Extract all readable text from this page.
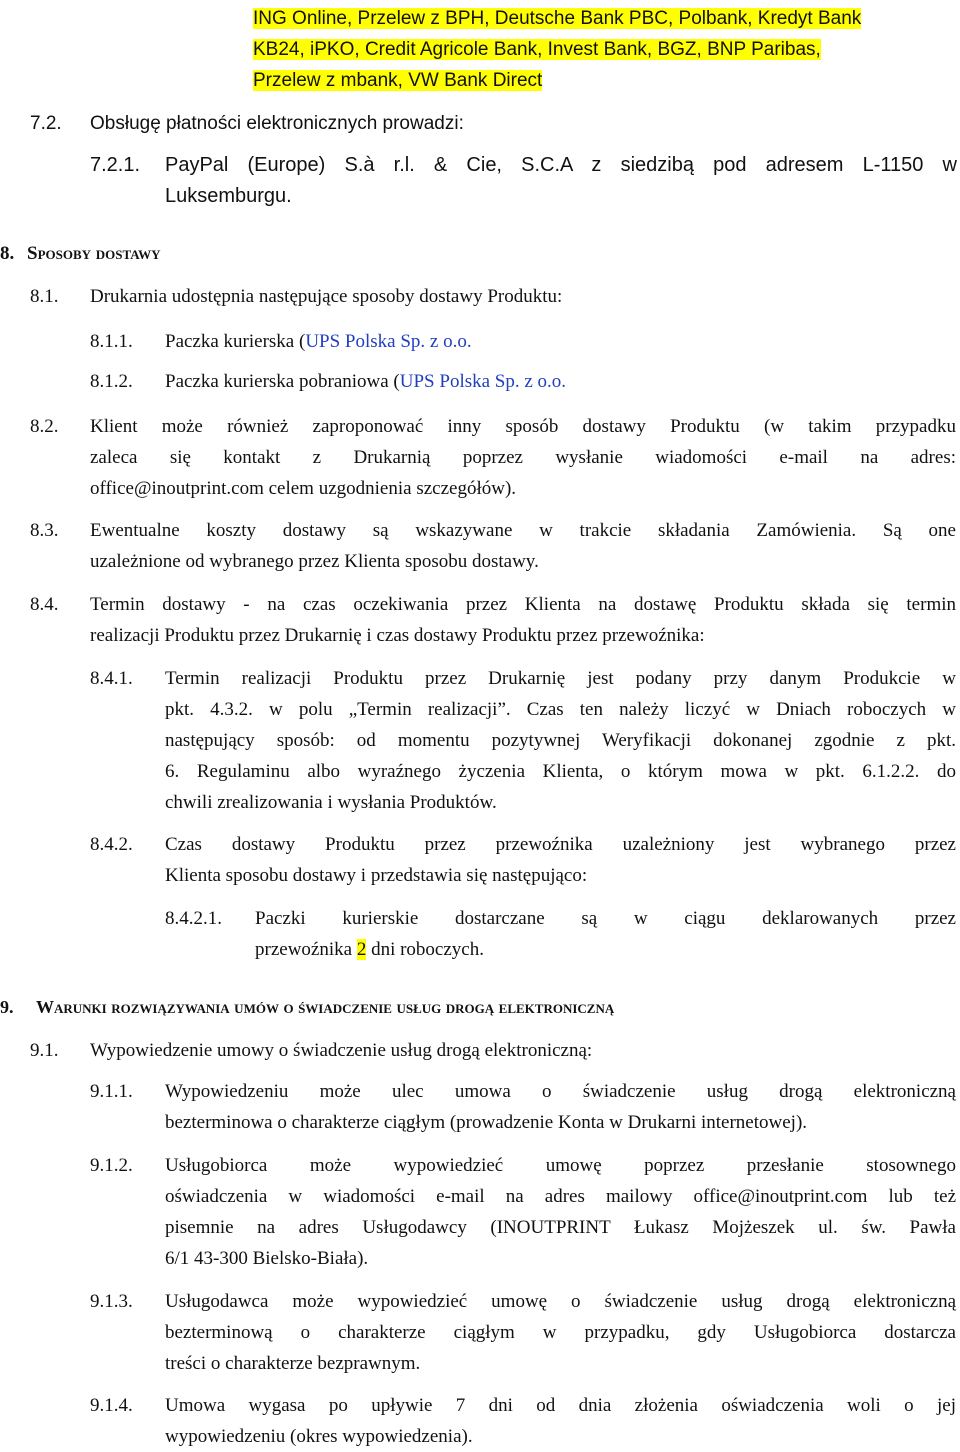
ING Online, Przelew z BPH, Deutsche Bank PBC, Polbank, Kredyt Bank
KB24, iPKO, Credit Agricole Bank, Invest Bank, BGZ, BNP Paribas,
Przelew z mbank, VW Bank Direct
7.2. Obsługę płatności elektronicznych prowadzi:
7.2.1. PayPal (Europe) S.à r.l. & Cie, S.C.A z siedzibą pod adresem L-1150 w
Luksemburgu.
8. Sposoby dostawy
8.1. Drukarnia udostępnia następujące sposoby dostawy Produktu:
8.1.1. Paczka kurierska (UPS Polska Sp. z o.o.
8.1.2. Paczka kurierska pobraniowa (UPS Polska Sp. z o.o.
8.2. Klient może również zaproponować inny sposób dostawy Produktu (w takim przypadku
zaleca się kontakt z Drukarnią poprzez wysłanie wiadomości e-mail na adres:
office@inoutprint.com celem uzgodnienia szczegółów).
8.3. Ewentualne koszty dostawy są wskazywane w trakcie składania Zamówienia. Są one
uzależnione od wybranego przez Klienta sposobu dostawy.
8.4. Termin dostawy - na czas oczekiwania przez Klienta na dostawę Produktu składa się termin
realizacji Produktu przez Drukarnię i czas dostawy Produktu przez przewoźnika:
8.4.1. Termin realizacji Produktu przez Drukarnię jest podany przy danym Produkcie w
pkt. 4.3.2. w polu „Termin realizacji”. Czas ten należy liczyć w Dniach roboczych w
następujący sposób: od momentu pozytywnej Weryfikacji dokonanej zgodnie z pkt.
6. Regulaminu albo wyraźnego życzenia Klienta, o którym mowa w pkt. 6.1.2.2. do
chwili zrealizowania i wysłania Produktów.
8.4.2. Czas dostawy Produktu przez przewoźnika uzależniony jest wybranego przez
Klienta sposobu dostawy i przedstawia się następująco:
8.4.2.1. Paczki kurierskie dostarczane są w ciągu deklarowanych przez
przewoźnika 2 dni roboczych.
9. Warunki rozwiązywania umów o świadczenie usług drogą elektroniczną
9.1. Wypowiedzenie umowy o świadczenie usług drogą elektroniczną:
9.1.1. Wypowiedzeniu może ulec umowa o świadczenie usług drogą elektroniczną
bezterminowa o charakterze ciągłym (prowadzenie Konta w Drukarni internetowej).
9.1.2. Usługobiorca może wypowiedzieć umowę poprzez przesłanie stosownego
oświadczenia w wiadomości e-mail na adres mailowy office@inoutprint.com lub też
pisemnie na adres Usługodawcy (INOUTPRINT Łukasz Mojżeszek ul. św. Pawła
6/1 43-300 Bielsko-Biała).
9.1.3. Usługodawca może wypowiedzieć umowę o świadczenie usług drogą elektroniczną
bezterminową o charakterze ciągłym w przypadku, gdy Usługobiorca dostarcza
treści o charakterze bezprawnym.
9.1.4. Umowa wygasa po upływie 7 dni od dnia złożenia oświadczenia woli o jej
wypowiedzeniu (okres wypowiedzenia).
